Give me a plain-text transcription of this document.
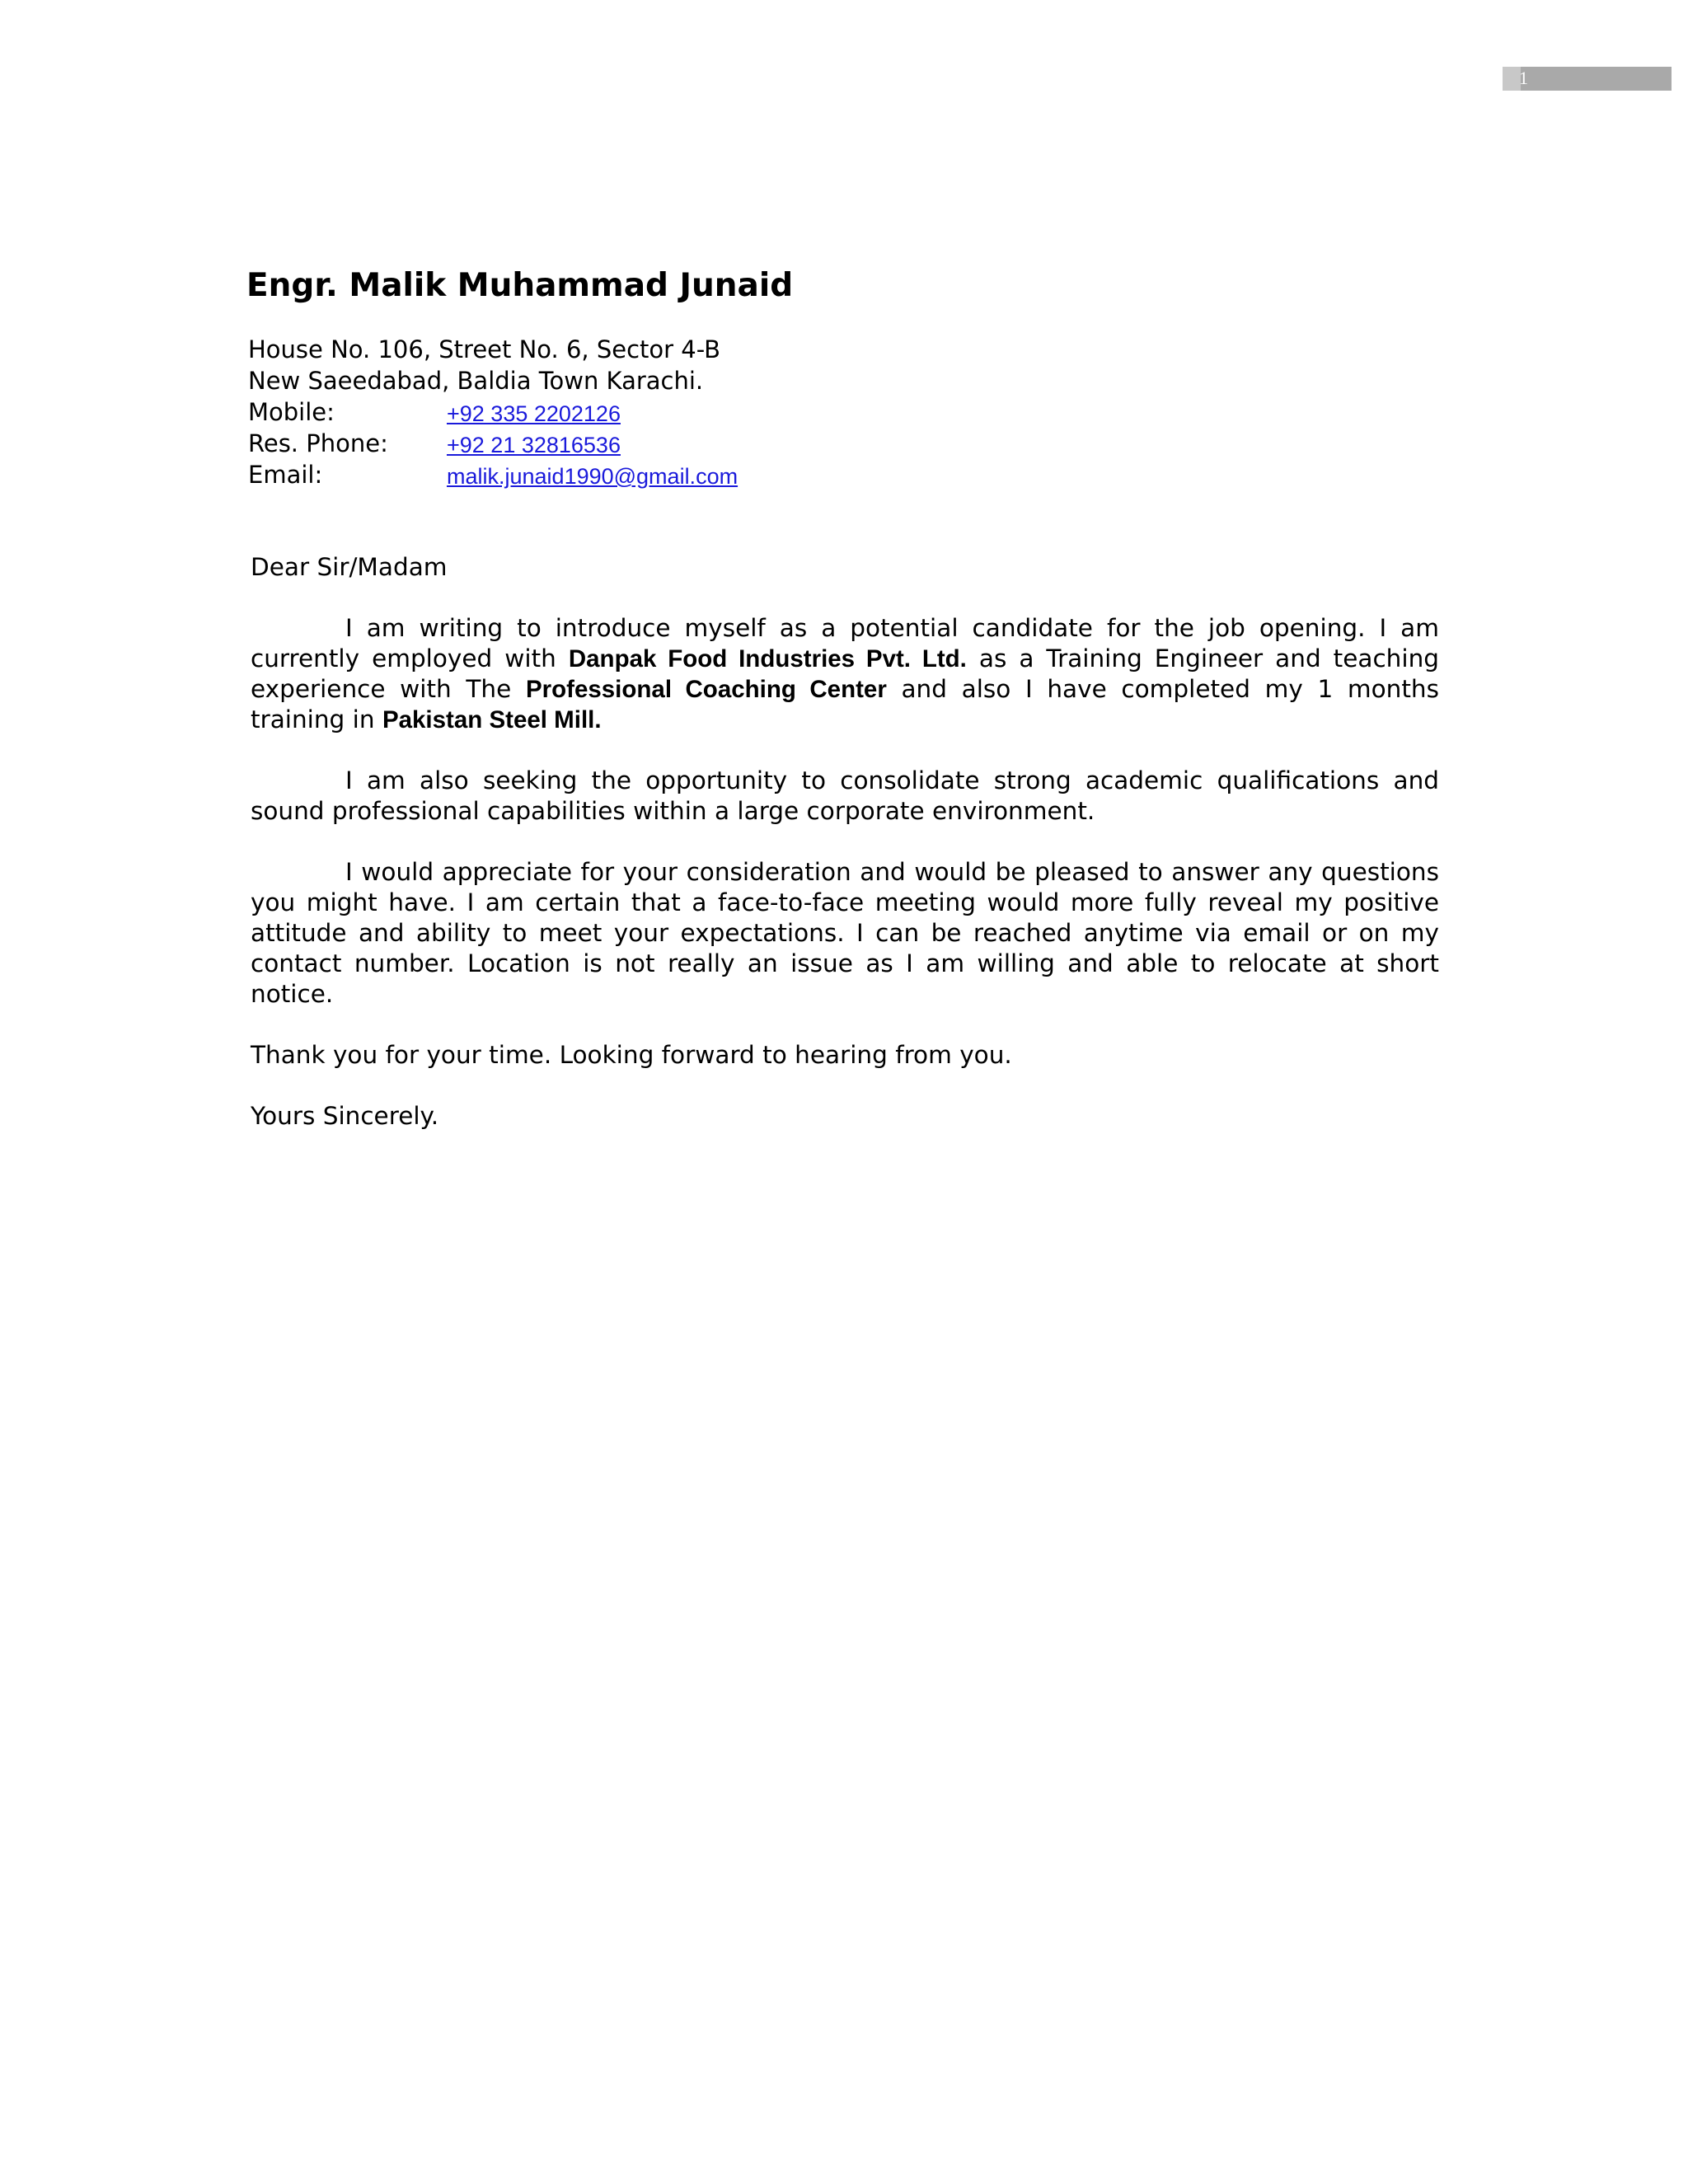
1
Engr. Malik Muhammad Junaid
House No. 106, Street No. 6, Sector 4-B
New Saeedabad, Baldia Town Karachi.
Mobile:	+92 335 2202126
Res. Phone:	+92 21 32816536
Email:	malik.junaid1990@gmail.com
Dear Sir/Madam

I am writing to introduce myself as a potential candidate for the job opening. I am currently employed with Danpak Food Industries Pvt. Ltd. as a Training Engineer and teaching experience with The Professional Coaching Center and also I have completed my 1 months training in Pakistan Steel Mill.

I am also seeking the opportunity to consolidate strong academic qualifications and sound professional capabilities within a large corporate environment.

I would appreciate for your consideration and would be pleased to answer any questions you might have. I am certain that a face-to-face meeting would more fully reveal my positive attitude and ability to meet your expectations. I can be reached anytime via email or on my contact number. Location is not really an issue as I am willing and able to relocate at short notice.

Thank you for your time. Looking forward to hearing from you.

Yours Sincerely.
